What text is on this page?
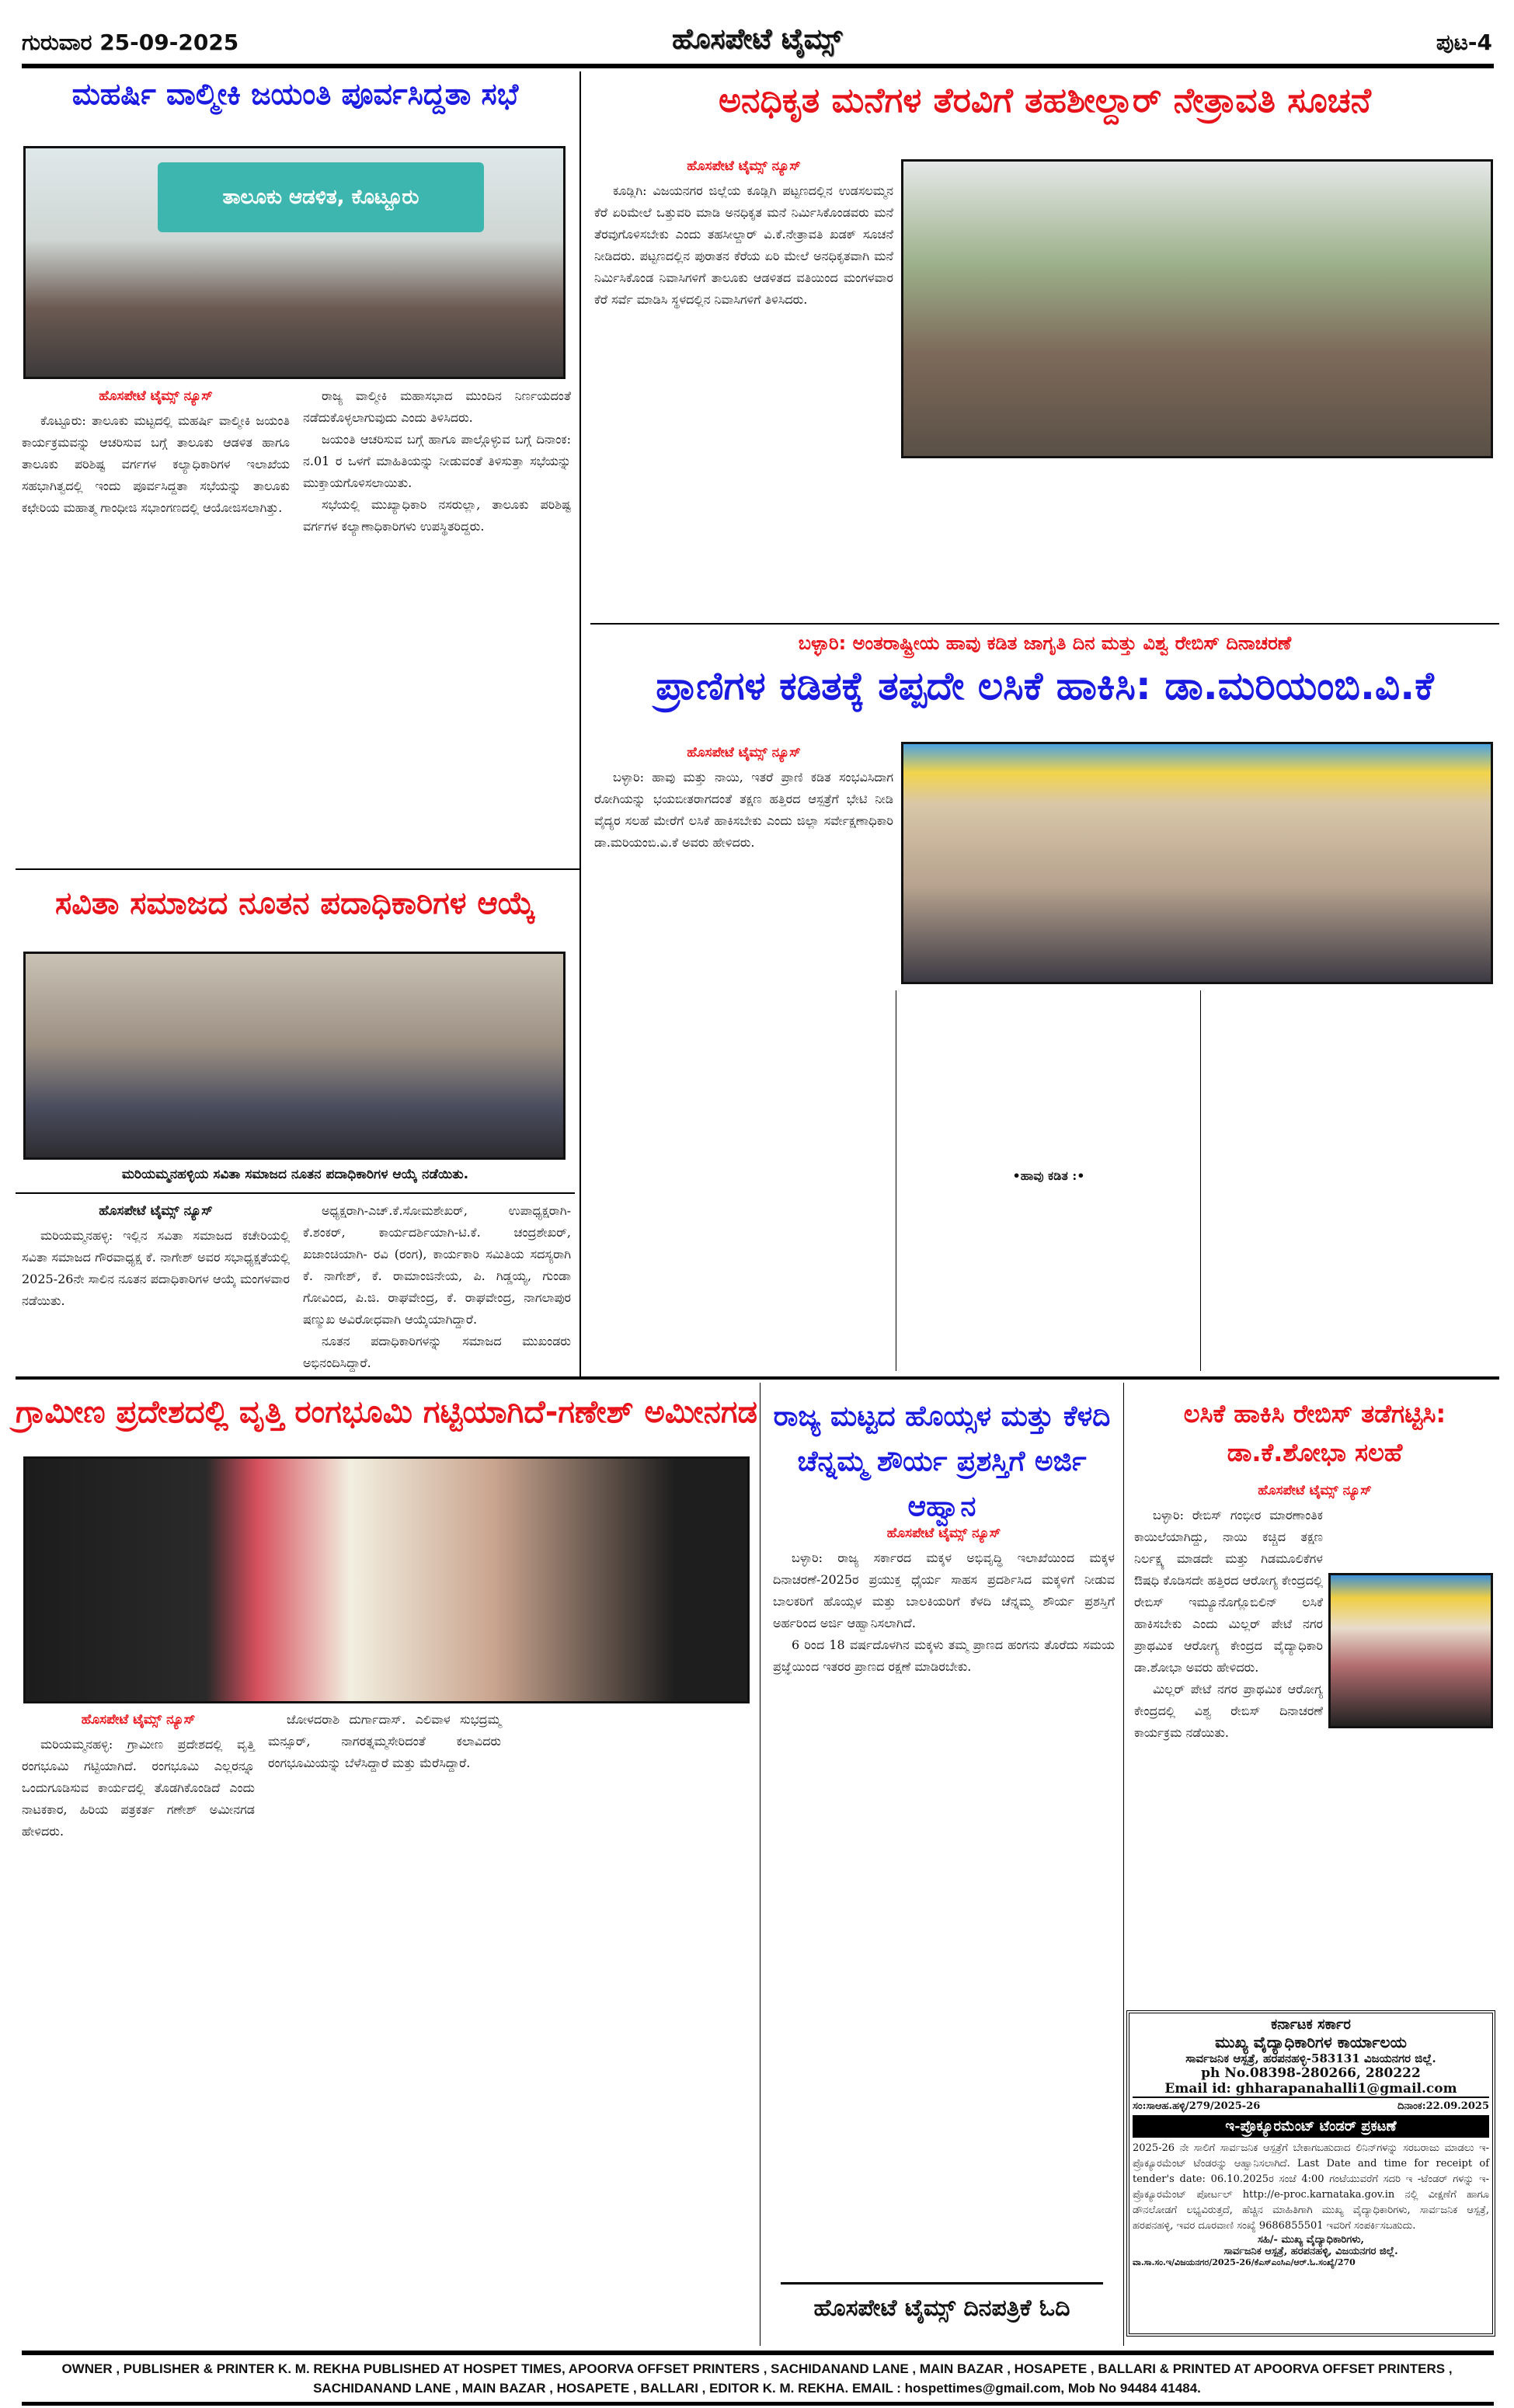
ಗುರುವಾರ 25-09-2025	ಹೊಸಪೇಟೆ ಟೈಮ್ಸ್	ಪುಟ-4
ಮಹರ್ಷಿ ವಾಲ್ಮೀಕಿ ಜಯಂತಿ ಪೂರ್ವಸಿದ್ದತಾ ಸಭೆ
ತಾಲೂಕು ಆಡಳಿತ, ಕೊಟ್ಟೂರು
ಹೊಸಪೇಟೆ ಟೈಮ್ಸ್ ನ್ಯೂಸ್

ಕೊಟ್ಟೂರು: ತಾಲೂಕು ಮಟ್ಟದಲ್ಲಿ ಮಹರ್ಷಿ ವಾಲ್ಮೀಕಿ ಜಯಂತಿ ಕಾರ್ಯಕ್ರಮವನ್ನು ಆಚರಿಸುವ ಬಗ್ಗೆ ತಾಲೂಕು ಆಡಳಿತ ಹಾಗೂ ತಾಲೂಕು ಪರಿಶಿಷ್ಟ ವರ್ಗಗಳ ಕಲ್ಯಾಧಿಕಾರಿಗಳ ಇಲಾಖೆಯ ಸಹಭಾಗಿತ್ವದಲ್ಲಿ ಇಂದು ಪೂರ್ವಸಿದ್ದತಾ ಸಭೆಯನ್ನು ತಾಲೂಕು ಕಛೇರಿಯ ಮಹಾತ್ಮ ಗಾಂಧೀಜಿ ಸಭಾಂಗಣದಲ್ಲಿ ಆಯೋಜಿಸಲಾಗಿತ್ತು.

ರಾಜ್ಯ ವಾಲ್ಮೀಕಿ ಮಹಾಸಭಾದ ಮುಂದಿನ ನಿರ್ಣಯದಂತೆ ನಡೆದುಕೊಳ್ಳಲಾಗುವುದು ಎಂದು ತಿಳಿಸಿದರು.

ಜಯಂತಿ ಆಚರಿಸುವ ಬಗ್ಗೆ ಹಾಗೂ ಪಾಲ್ಗೊಳ್ಳುವ ಬಗ್ಗೆ ದಿನಾಂಕ: ನ.01 ರ ಒಳಗೆ ಮಾಹಿತಿಯನ್ನು ನೀಡುವಂತೆ ತಿಳಿಸುತ್ತಾ ಸಭೆಯನ್ನು ಮುಕ್ತಾಯಗೊಳಿಸಲಾಯಿತು.

ಸಭೆಯಲ್ಲಿ ಮುಖ್ಯಾಧಿಕಾರಿ ನಸರುಲ್ಲಾ, ತಾಲೂಕು ಪರಿಶಿಷ್ಟ ವರ್ಗಗಳ ಕಲ್ಯಾಣಾಧಿಕಾರಿಗಳು ಉಪಸ್ಥಿತರಿದ್ದರು.

ಸವಿತಾ ಸಮಾಜದ ನೂತನ ಪದಾಧಿಕಾರಿಗಳ ಆಯ್ಕೆ
ಮರಿಯಮ್ಮನಹಳ್ಳಿಯ ಸವಿತಾ ಸಮಾಜದ ನೂತನ ಪದಾಧಿಕಾರಿಗಳ ಆಯ್ಕೆ ನಡೆಯಿತು.
ಹೊಸಪೇಟೆ ಟೈಮ್ಸ್ ನ್ಯೂಸ್

ಮರಿಯಮ್ಮನಹಳ್ಳಿ: ಇಲ್ಲಿನ ಸವಿತಾ ಸಮಾಜದ ಕಚೇರಿಯಲ್ಲಿ ಸವಿತಾ ಸಮಾಜದ ಗೌರವಾಧ್ಯಕ್ಷ ಕೆ. ನಾಗೇಶ್ ಅವರ ಸಭಾಧ್ಯಕ್ಷತೆಯಲ್ಲಿ 2025-26ನೇ ಸಾಲಿನ ನೂತನ ಪದಾಧಿಕಾರಿಗಳ ಆಯ್ಕೆ ಮಂಗಳವಾರ ನಡೆಯಿತು.

ಅಧ್ಯಕ್ಷರಾಗಿ-ಎಚ್.ಕೆ.ಸೋಮಶೇಖರ್, ಉಪಾಧ್ಯಕ್ಷರಾಗಿ-ಕೆ.ಶಂಕರ್, ಕಾರ್ಯದರ್ಶಿಯಾಗಿ-ಟಿ.ಕೆ. ಚಂದ್ರಶೇಖರ್, ಖಜಾಂಚಿಯಾಗಿ- ರವಿ (ರಂಗ), ಕಾರ್ಯಕಾರಿ ಸಮಿತಿಯ ಸದಸ್ಯರಾಗಿ ಕೆ. ನಾಗೇಶ್, ಕೆ. ರಾಮಾಂಜಿನೇಯ, ಪಿ. ಗಿಡ್ಡಯ್ಯ, ಗುಂಡಾ ಗೋವಿಂದ, ಪಿ.ಜಿ. ರಾಘವೇಂದ್ರ, ಕೆ. ರಾಘವೇಂದ್ರ, ನಾಗಲಾಪುರ ಷಣ್ಮುಖ ಅವಿರೋಧವಾಗಿ ಆಯ್ಕೆಯಾಗಿದ್ದಾರೆ.

ನೂತನ ಪದಾಧಿಕಾರಿಗಳನ್ನು ಸಮಾಜದ ಮುಖಂಡರು ಅಭಿನಂದಿಸಿದ್ದಾರೆ.

ಅನಧಿಕೃತ ಮನೆಗಳ ತೆರವಿಗೆ ತಹಶೀಲ್ದಾರ್ ನೇತ್ರಾವತಿ ಸೂಚನೆ
ಹೊಸಪೇಟೆ ಟೈಮ್ಸ್ ನ್ಯೂಸ್

ಕೂಡ್ಲಿಗಿ: ವಿಜಯನಗರ ಜಿಲ್ಲೆಯ ಕೂಡ್ಲಿಗಿ ಪಟ್ಟಣದಲ್ಲಿನ ಉಡಸಲಮ್ಮನ ಕೆರೆ ಏರಿಮೇಲೆ ಒತ್ತುವರಿ ಮಾಡಿ ಅನಧಿಕೃತ ಮನೆ ನಿರ್ಮಿಸಿಕೊಂಡವರು ಮನೆ ತೆರವುಗೊಳಿಸಬೇಕು ಎಂದು ತಹಸೀಲ್ದಾರ್ ವಿ.ಕೆ.ನೇತ್ರಾವತಿ ಖಡಕ್ ಸೂಚನೆ ನೀಡಿದರು. ಪಟ್ಟಣದಲ್ಲಿನ ಪುರಾತನ ಕೆರೆಯ ಏರಿ ಮೇಲೆ ಅನಧಿಕೃತವಾಗಿ ಮನೆ ನಿರ್ಮಿಸಿಕೊಂಡ ನಿವಾಸಿಗಳಿಗೆ ತಾಲೂಕು ಆಡಳಿತದ ವತಿಯಿಂದ ಮಂಗಳವಾರ ಕೆರೆ ಸರ್ವೆ ಮಾಡಿಸಿ ಸ್ಥಳದಲ್ಲಿನ ನಿವಾಸಿಗಳಿಗೆ ತಿಳಿಸಿದರು.

ಬಳ್ಳಾರಿ: ಅಂತರಾಷ್ಟ್ರೀಯ ಹಾವು ಕಡಿತ ಜಾಗೃತಿ ದಿನ ಮತ್ತು ವಿಶ್ವ ರೇಬಿಸ್ ದಿನಾಚರಣೆ
ಪ್ರಾಣಿಗಳ ಕಡಿತಕ್ಕೆ ತಪ್ಪದೇ ಲಸಿಕೆ ಹಾಕಿಸಿ: ಡಾ.ಮರಿಯಂಬಿ.ವಿ.ಕೆ
ಹೊಸಪೇಟೆ ಟೈಮ್ಸ್ ನ್ಯೂಸ್

ಬಳ್ಳಾರಿ: ಹಾವು ಮತ್ತು ನಾಯಿ, ಇತರೆ ಪ್ರಾಣಿ ಕಡಿತ ಸಂಭವಿಸಿದಾಗ ರೋಗಿಯನ್ನು ಭಯಬೀತರಾಗದಂತೆ ತಕ್ಷಣ ಹತ್ತಿರದ ಆಸ್ಪತ್ರೆಗೆ ಭೇಟಿ ನೀಡಿ ವೈದ್ಯರ ಸಲಹೆ ಮೇರೆಗೆ ಲಸಿಕೆ ಹಾಕಿಸಬೇಕು ಎಂದು ಜಿಲ್ಲಾ ಸರ್ವೇಕ್ಷಣಾಧಿಕಾರಿ ಡಾ.ಮರಿಯಂಬಿ.ವಿ.ಕೆ ಅವರು ಹೇಳಿದರು.

•ಹಾವು ಕಡಿತ :•
ಗ್ರಾಮೀಣ ಪ್ರದೇಶದಲ್ಲಿ ವೃತ್ತಿ ರಂಗಭೂಮಿ ಗಟ್ಟಿಯಾಗಿದೆ-ಗಣೇಶ್ ಅಮೀನಗಡ
ಹೊಸಪೇಟೆ ಟೈಮ್ಸ್ ನ್ಯೂಸ್

ಮರಿಯಮ್ಮನಹಳ್ಳಿ: ಗ್ರಾಮೀಣ ಪ್ರದೇಶದಲ್ಲಿ ವೃತ್ತಿ ರಂಗಭೂಮಿ ಗಟ್ಟಿಯಾಗಿದೆ. ರಂಗಭೂಮಿ ಎಲ್ಲರನ್ನೂ ಒಂದುಗೂಡಿಸುವ ಕಾರ್ಯದಲ್ಲಿ ತೊಡಗಿಕೊಂಡಿದೆ ಎಂದು ನಾಟಕಕಾರ, ಹಿರಿಯ ಪತ್ರಕರ್ತ ಗಣೇಶ್ ಅಮೀನಗಡ ಹೇಳಿದರು.

ಜೋಳದರಾಶಿ ದುರ್ಗಾದಾಸ್. ಎಲಿವಾಳ ಸುಭದ್ರಮ್ಮ ಮನ್ಸೂರ್, ನಾಗರತ್ನಮ್ಮಸೇರಿದಂತೆ ಕಲಾವಿದರು ರಂಗಭೂಮಿಯನ್ನು ಬೆಳೆಸಿದ್ದಾರೆ ಮತ್ತು ಮೆರೆಸಿದ್ದಾರೆ.

ರಾಜ್ಯ ಮಟ್ಟದ ಹೊಯ್ಸಳ ಮತ್ತು ಕೆಳದಿ ಚೆನ್ನಮ್ಮ ಶೌರ್ಯ ಪ್ರಶಸ್ತಿಗೆ ಅರ್ಜಿ ಆಹ್ವಾನ
ಹೊಸಪೇಟೆ ಟೈಮ್ಸ್ ನ್ಯೂಸ್

ಬಳ್ಳಾರಿ: ರಾಜ್ಯ ಸರ್ಕಾರದ ಮಕ್ಕಳ ಅಭಿವೃದ್ಧಿ ಇಲಾಖೆಯಿಂದ ಮಕ್ಕಳ ದಿನಾಚರಣೆ-2025ರ ಪ್ರಯುಕ್ತ ಧೈರ್ಯ ಸಾಹಸ ಪ್ರದರ್ಶಿಸಿದ ಮಕ್ಕಳಿಗೆ ನೀಡುವ ಬಾಲಕರಿಗೆ ಹೊಯ್ಸಳ ಮತ್ತು ಬಾಲಕಿಯರಿಗೆ ಕೆಳದಿ ಚೆನ್ನಮ್ಮ ಶೌರ್ಯ ಪ್ರಶಸ್ತಿಗೆ ಅರ್ಹರಿಂದ ಅರ್ಜಿ ಆಹ್ವಾನಿಸಲಾಗಿದೆ.

6 ರಿಂದ 18 ವರ್ಷದೊಳಗಿನ ಮಕ್ಕಳು ತಮ್ಮ ಪ್ರಾಣದ ಹಂಗನು ತೊರೆದು ಸಮಯ ಪ್ರಜ್ಞೆಯಿಂದ ಇತರರ ಪ್ರಾಣದ ರಕ್ಷಣೆ ಮಾಡಿರಬೇಕು.

ಹೊಸಪೇಟೆ ಟೈಮ್ಸ್ ದಿನಪತ್ರಿಕೆ ಓದಿ
ಲಸಿಕೆ ಹಾಕಿಸಿ ರೇಬಿಸ್ ತಡೆಗಟ್ಟಿಸಿ: ಡಾ.ಕೆ.ಶೋಭಾ ಸಲಹೆ
ಹೊಸಪೇಟೆ ಟೈಮ್ಸ್ ನ್ಯೂಸ್

ಬಳ್ಳಾರಿ: ರೇಬಿಸ್ ಗಂಭೀರ ಮಾರಣಾಂತಿಕ ಕಾಯಿಲೆಯಾಗಿದ್ದು, ನಾಯಿ ಕಚ್ಚಿದ ತಕ್ಷಣ ನಿರ್ಲಕ್ಷ್ಯ ಮಾಡದೇ ಮತ್ತು ಗಿಡಮೂಲಿಕೆಗಳ ಔಷಧಿ ಕೊಡಿಸದೇ ಹತ್ತಿರದ ಆರೋಗ್ಯ ಕೇಂದ್ರದಲ್ಲಿ ರೇಬಿಸ್ ಇಮ್ಯೂನೊಗ್ಲೊಬಿಲಿನ್ ಲಸಿಕೆ ಹಾಕಿಸಬೇಕು ಎಂದು ಮಿಲ್ಲರ್ ಪೇಟೆ ನಗರ ಪ್ರಾಥಮಿಕ ಆರೋಗ್ಯ ಕೇಂದ್ರದ ವೈದ್ಯಾಧಿಕಾರಿ ಡಾ.ಶೋಭಾ ಅವರು ಹೇಳಿದರು.

ಮಿಲ್ಲರ್ ಪೇಟೆ ನಗರ ಪ್ರಾಥಮಿಕ ಆರೋಗ್ಯ ಕೇಂದ್ರದಲ್ಲಿ ವಿಶ್ವ ರೇಬಿಸ್ ದಿನಾಚರಣೆ ಕಾರ್ಯಕ್ರಮ ನಡೆಯಿತು.

ಕರ್ನಾಟಕ ಸರ್ಕಾರ
ಮುಖ್ಯ ವೈದ್ಯಾಧಿಕಾರಿಗಳ ಕಾರ್ಯಾಲಯ
ಸಾರ್ವಜನಿಕ ಆಸ್ಪತ್ರೆ, ಹರಪನಹಳ್ಳಿ-583131 ವಿಜಯನಗರ ಜಿಲ್ಲೆ.
ph No.08398-280266, 280222
Email id: ghharapanahalli1@gmail.com
ಸಂ:ಸಾಆಹ.ಹಳ್ಳಿ/279/2025-26	ದಿನಾಂಕ:22.09.2025
ಇ-ಪ್ರೊಕ್ಯೂರಮೆಂಟ್ ಟೆಂಡರ್ ಪ್ರಕಟಣೆ
2025-26 ನೇ ಸಾಲಿಗೆ ಸಾರ್ವಜನಿಕ ಆಸ್ಪತ್ರೆಗೆ ಬೇಕಾಗಬಹುದಾದ ಲಿನಿನ್‌ಗಳನ್ನು ಸರಬರಾಜು ಮಾಡಲು ಇ-ಪ್ರೊಕ್ಯೂರಮೆಂಟ್ ಟೆಂಡರನ್ನು ಆಹ್ವಾನಿಸಲಾಗಿದೆ. Last Date and time for receipt of tender's date: 06.10.2025ರ ಸಂಜೆ 4:00 ಗಂಟೆಯುವರೆಗೆ ಸದರಿ ಇ -ಟೆಂಡರ್ ಗಳನ್ನು ಇ-ಪ್ರೊಕ್ಯೂರಮೆಂಟ್ ಪೋರ್ಟಲ್ http://e-proc.karnataka.gov.in ನಲ್ಲಿ ವೀಕ್ಷಣೆಗೆ ಹಾಗೂ ಡೌನಲೋಡಗೆ ಲಭ್ಯವಿರುತ್ತದೆ, ಹೆಚ್ಚಿನ ಮಾಹಿತಿಗಾಗಿ ಮುಖ್ಯ ವೈದ್ಯಾಧಿಕಾರಿಗಳು, ಸಾರ್ವಜನಿಕ ಆಸ್ಪತ್ರೆ, ಹರಪನಹಳ್ಳಿ, ಇವರ ದೂರವಾಣಿ ಸಂಖ್ಯೆ 9686855501 ಇವರಿಗೆ ಸಂಪರ್ಕಿಸಬಹುದು.
ಸಹಿ/- ಮುಖ್ಯ ವೈದ್ಯಾಧಿಕಾರಿಗಳು,
ಸಾರ್ವಜನಿಕ ಆಸ್ಪತ್ರೆ, ಹರಪನಹಳ್ಳಿ, ವಿಜಯನಗರ ಜಿಲ್ಲೆ.
ವಾ.ಸಾ.ಸಂ.ಇ/ವಿಜಯನಗರ/2025-26/ಕೆಎಸ್‌ಎಂಸಿಎ/ಆರ್.ಓ.ಸಂಖ್ಯೆ/270
OWNER , PUBLISHER & PRINTER K. M. REKHA PUBLISHED AT HOSPET TIMES, APOORVA OFFSET PRINTERS , SACHIDANAND LANE , MAIN BAZAR , HOSAPETE , BALLARI & PRINTED AT APOORVA OFFSET PRINTERS ,
SACHIDANAND LANE , MAIN BAZAR , HOSAPETE , BALLARI , EDITOR K. M. REKHA. EMAIL : hospettimes@gmail.com, Mob No 94484 41484.
